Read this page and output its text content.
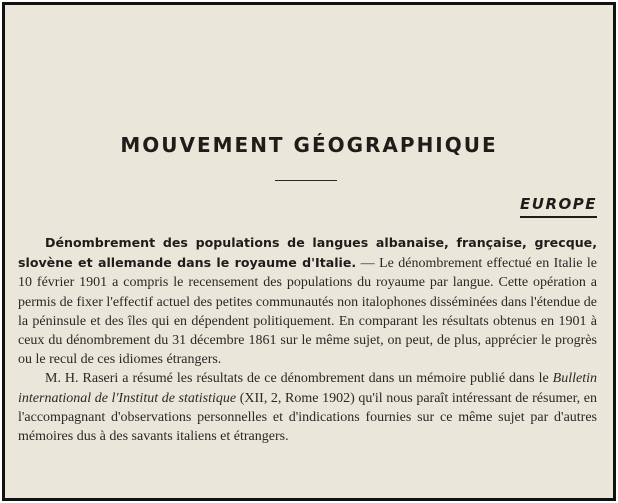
MOUVEMENT GÉOGRAPHIQUE
EUROPE

Dénombrement des populations de langues albanaise, française, grecque, slovène et allemande dans le royaume d'Italie. — Le dénombrement effectué en Italie le 10 février 1901 a compris le recensement des populations du royaume par langue. Cette opération a permis de fixer l'effectif actuel des petites communautés non italophones disséminées dans l'étendue de la péninsule et des îles qui en dépendent politiquement. En comparant les résultats obtenus en 1901 à ceux du dénombrement du 31 décembre 1861 sur le même sujet, on peut, de plus, apprécier le progrès ou le recul de ces idiomes étrangers.

M. H. Raseri a résumé les résultats de ce dénombrement dans un mémoire publié dans le Bulletin international de l'Institut de statistique (XII, 2, Rome 1902) qu'il nous paraît intéressant de résumer, en l'accompagnant d'observations personnelles et d'indications fournies sur ce même sujet par d'autres mémoires dus à des savants italiens et étrangers.
